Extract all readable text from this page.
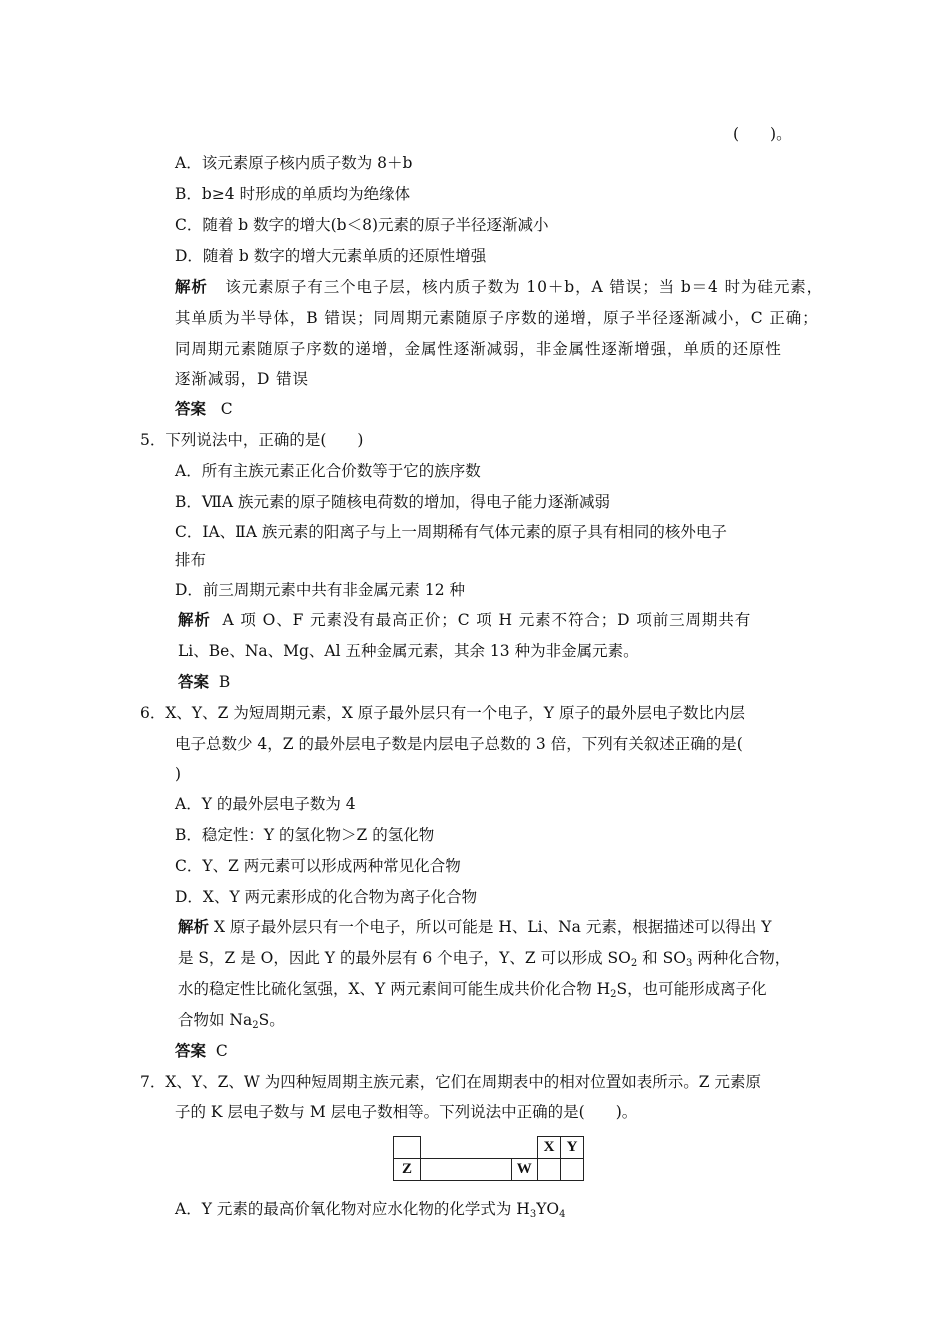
(　　)。
A．该元素原子核内质子数为 8＋b
B．b≥4 时形成的单质均为绝缘体
C．随着 b 数字的增大(b＜8)元素的原子半径逐渐减小
D．随着 b 数字的增大元素单质的还原性增强
解析 该元素原子有三个电子层，核内质子数为 10＋b，A 错误；当 b＝4 时为硅元素，
其单质为半导体，B 错误；同周期元素随原子序数的递增，原子半径逐渐减小，C 正确；
同周期元素随原子序数的递增，金属性逐渐减弱，非金属性逐渐增强，单质的还原性
逐渐减弱，D 错误
答案 C
5．下列说法中，正确的是(　　)
A．所有主族元素正化合价数等于它的族序数
B．ⅦA 族元素的原子随核电荷数的增加，得电子能力逐渐减弱
C．ⅠA、ⅡA 族元素的阳离子与上一周期稀有气体元素的原子具有相同的核外电子
排布
D．前三周期元素中共有非金属元素 12 种
解析 A 项 O、F 元素没有最高正价；C 项 H 元素不符合；D 项前三周期共有
Li、Be、Na、Mg、Al 五种金属元素，其余 13 种为非金属元素。
答案 B
6．X、Y、Z 为短周期元素，X 原子最外层只有一个电子，Y 原子的最外层电子数比内层
电子总数少 4，Z 的最外层电子数是内层电子总数的 3 倍，下列有关叙述正确的是(
)
A．Y 的最外层电子数为 4
B．稳定性：Y 的氢化物＞Z 的氢化物
C．Y、Z 两元素可以形成两种常见化合物
D．X、Y 两元素形成的化合物为离子化合物
解析 X 原子最外层只有一个电子，所以可能是 H、Li、Na 元素，根据描述可以得出 Y
是 S，Z 是 O，因此 Y 的最外层有 6 个电子，Y、Z 可以形成 $SO_2$ 和 $SO_3$ 两种化合物，
水的稳定性比硫化氢强，X、Y 两元素间可能生成共价化合物 $H_2S$，也可能形成离子化
合物如 $Na_2S$。
答案 C
7．X、Y、Z、W 为四种短周期主族元素，它们在周期表中的相对位置如表所示。Z 元素原
子的 K 层电子数与 M 层电子数相等。下列说法中正确的是(　　)。
			X	Y
Z		W		
A．Y 元素的最高价氧化物对应水化物的化学式为 $H_3YO_4$
